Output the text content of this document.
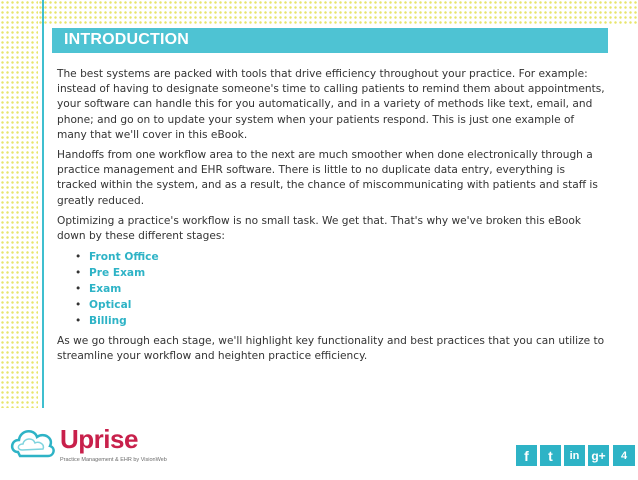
INTRODUCTION

The best systems are packed with tools that drive efficiency throughout your practice. For example: instead of having to designate someone's time to calling patients to remind them about appointments, your software can handle this for you automatically, and in a variety of methods like text, email, and phone; and go on to update your system when your patients respond. This is just one example of many that we'll cover in this eBook.

Handoffs from one workflow area to the next are much smoother when done electronically through a practice management and EHR software. There is little to no duplicate data entry, everything is tracked within the system, and as a result, the chance of miscommunicating with patients and staff is greatly reduced.

Optimizing a practice's workflow is no small task. We get that. That's why we've broken this eBook down by these different stages:

• Front Office
• Pre Exam
• Exam
• Optical
• Billing

As we go through each stage, we'll highlight key functionality and best practices that you can utilize to streamline your workflow and heighten practice efficiency.

Uprise
Practice Management & EHR by VisionWeb	f	t	in g+	4
